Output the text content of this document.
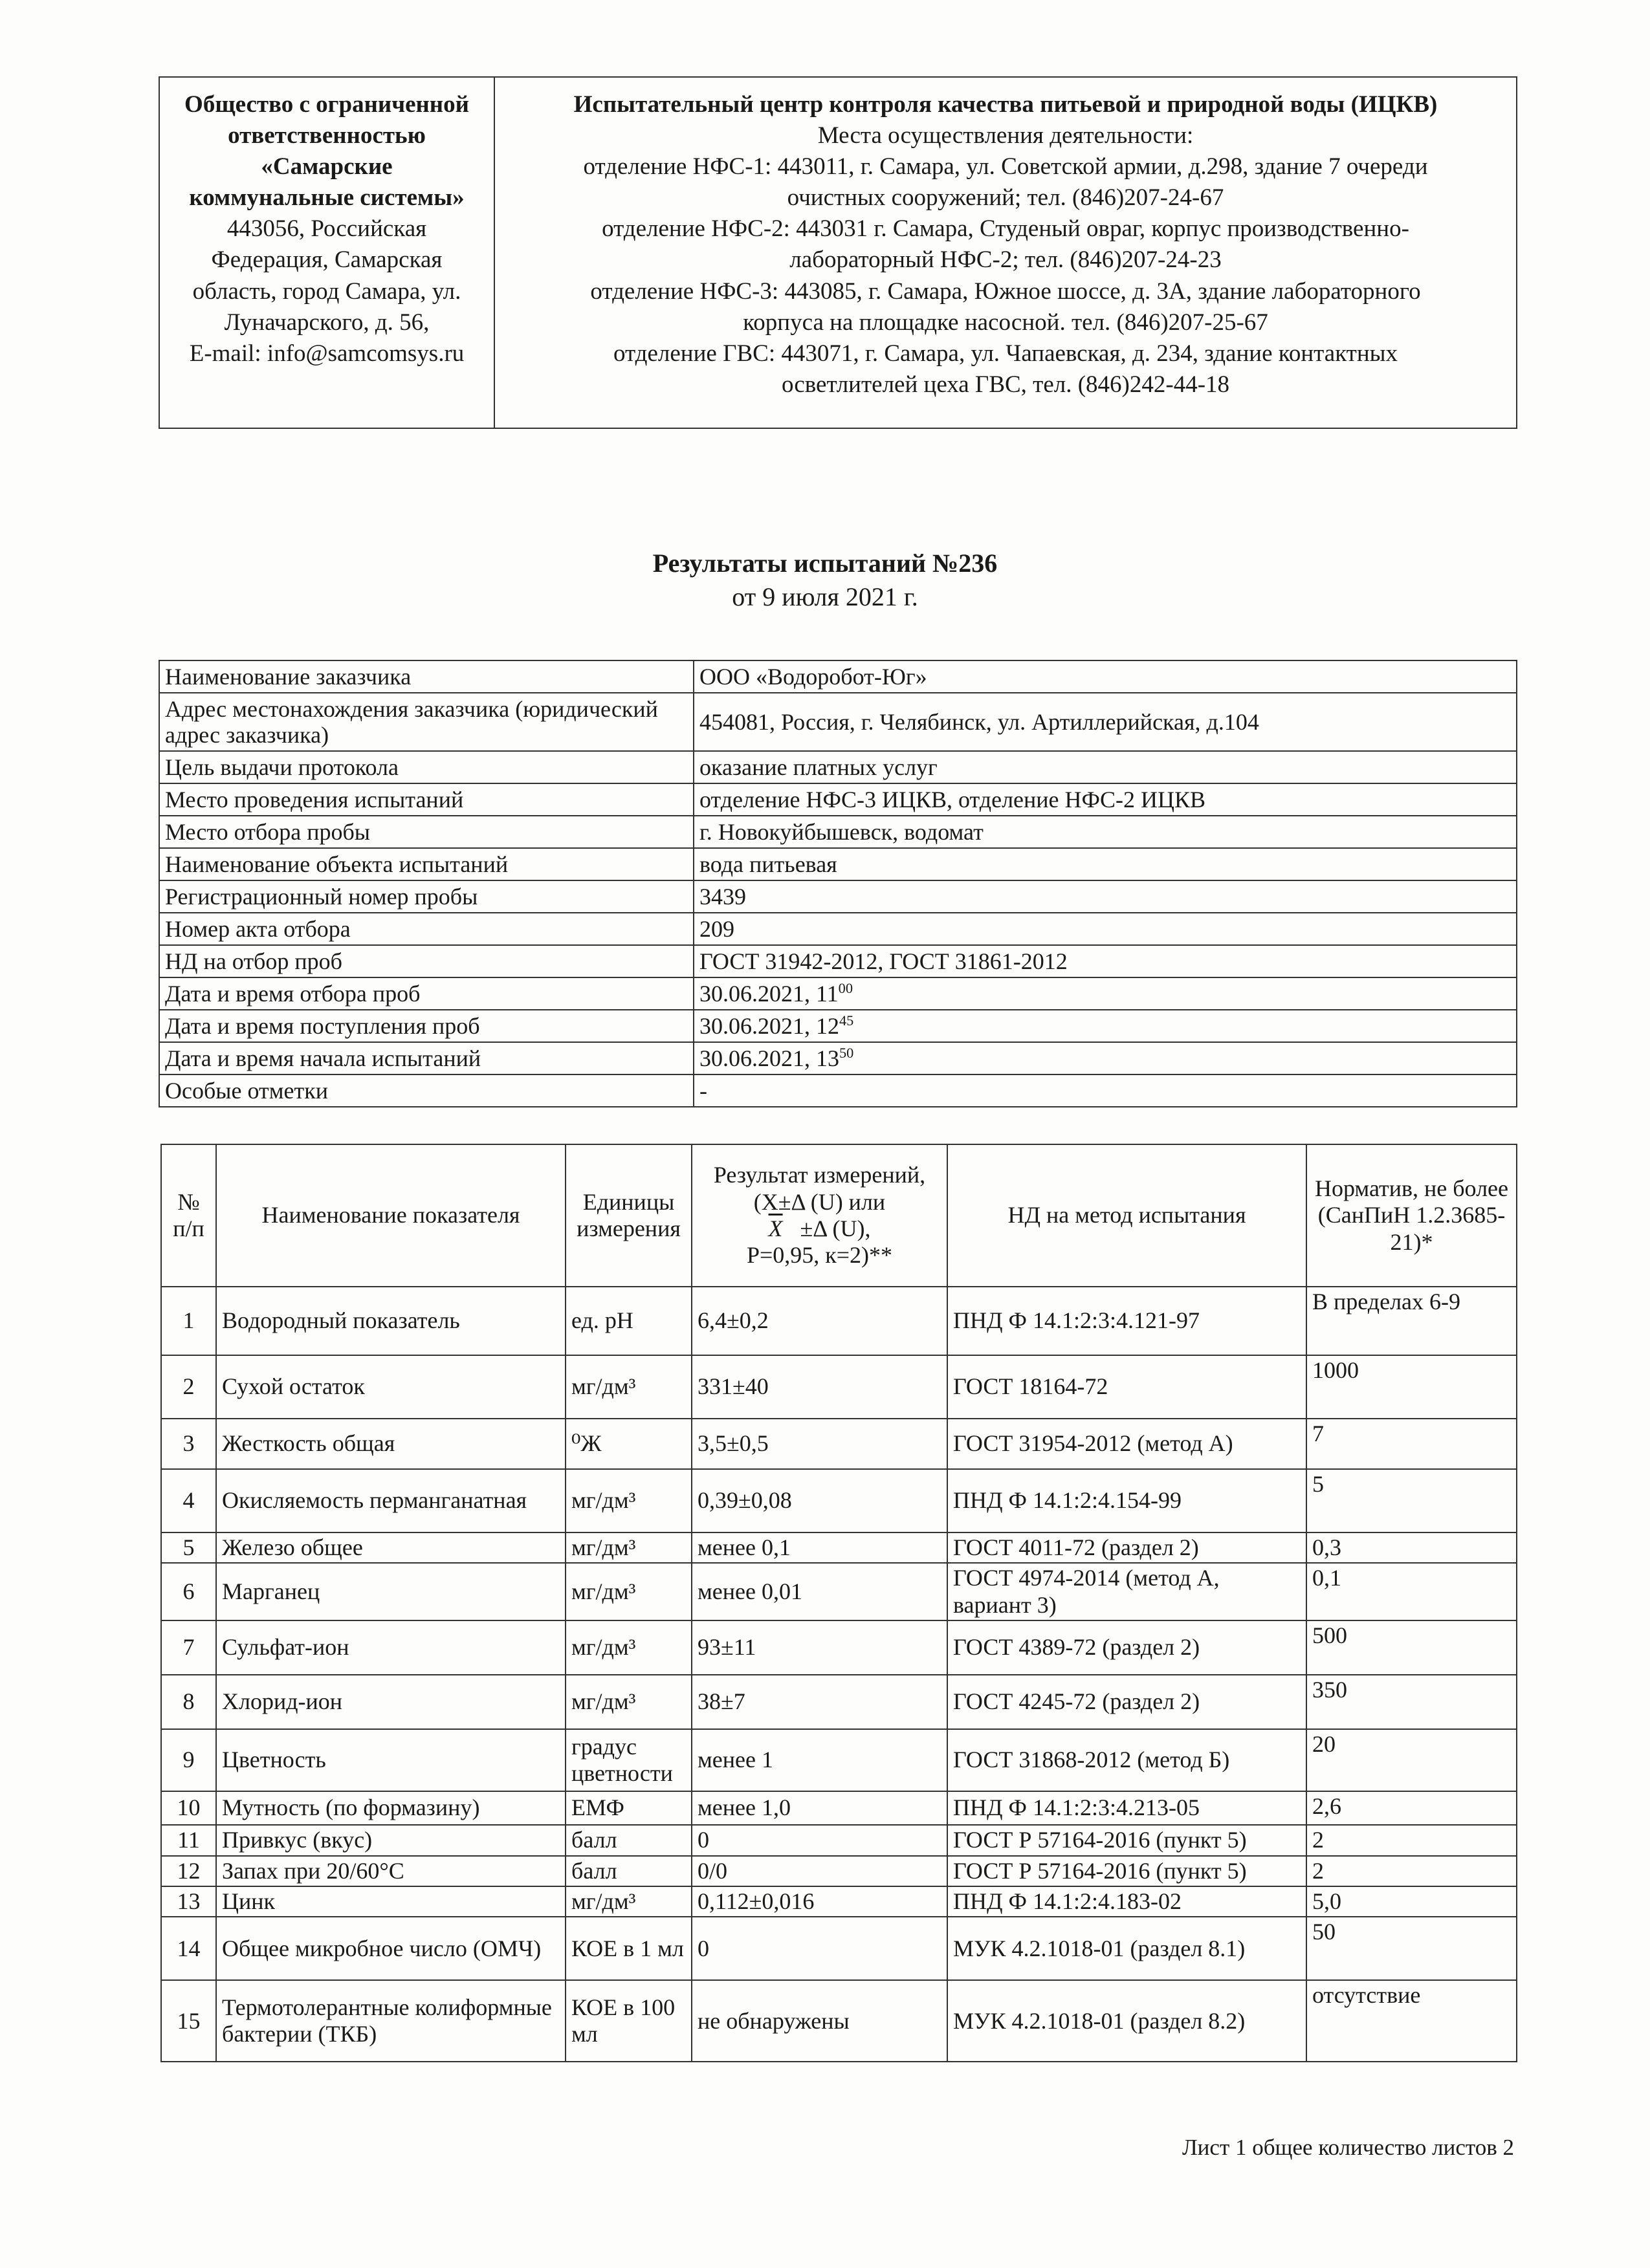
Общество с ограниченной
ответственностью
«Самарские
коммунальные системы»
443056, Российская
Федерация, Самарская
область, город Самара, ул.
Луначарского, д. 56,
E-mail: info@samcomsys.ru

Испытательный центр контроля качества питьевой и природной воды (ИЦКВ)
Места осуществления деятельности:
отделение НФС-1: 443011, г. Самара, ул. Советской армии, д.298, здание 7 очереди
очистных сооружений; тел. (846)207-24-67
отделение НФС-2: 443031 г. Самара, Студеный овраг, корпус производственно-
лабораторный НФС-2; тел. (846)207-24-23
отделение НФС-3: 443085, г. Самара, Южное шоссе, д. 3А, здание лабораторного
корпуса на площадке насосной. тел. (846)207-25-67
отделение ГВС: 443071, г. Самара, ул. Чапаевская, д. 234, здание контактных
осветлителей цеха ГВС, тел. (846)242-44-18
Результаты испытаний №236
от 9 июля 2021 г.
Наименование заказчика	ООО «Водоробот-Юг»
Адрес местонахождения заказчика (юридический адрес заказчика)	454081, Россия, г. Челябинск, ул. Артиллерийская, д.104
Цель выдачи протокола	оказание платных услуг
Место проведения испытаний	отделение НФС-3 ИЦКВ, отделение НФС-2 ИЦКВ
Место отбора пробы	г. Новокуйбышевск, водомат
Наименование объекта испытаний	вода питьевая
Регистрационный номер пробы	3439
Номер акта отбора	209
НД на отбор проб	ГОСТ 31942-2012, ГОСТ 31861-2012
Дата и время отбора проб	30.06.2021, $11^{00}$
Дата и время поступления проб	30.06.2021, $12^{45}$
Дата и время начала испытаний	30.06.2021, $13^{50}$
Особые отметки	-
№ п/п	Наименование показателя	Единицы измерения	Результат измерений,
(X±Δ (U) или
$\overline{X} \pm\Delta$ (U),
Р=0,95, к=2)**	НД на метод испытания	Норматив, не более (СанПиН 1.2.3685-21)*
1	Водородный показатель	ед. рН	6,4±0,2	ПНД Ф 14.1:2:3:4.121-97	В пределах 6-9
2	Сухой остаток	мг/дм³	331±40	ГОСТ 18164-72	1000
3	Жесткость общая	⁰Ж	3,5±0,5	ГОСТ 31954-2012 (метод А)	7
4	Окисляемость перманганатная	мг/дм³	0,39±0,08	ПНД Ф 14.1:2:4.154-99	5
5	Железо общее	мг/дм³	менее 0,1	ГОСТ 4011-72 (раздел 2)	0,3
6	Марганец	мг/дм³	менее 0,01	ГОСТ 4974-2014 (метод А, вариант 3)	0,1
7	Сульфат-ион	мг/дм³	93±11	ГОСТ 4389-72 (раздел 2)	500
8	Хлорид-ион	мг/дм³	38±7	ГОСТ 4245-72 (раздел 2)	350
9	Цветность	градус цветности	менее 1	ГОСТ 31868-2012 (метод Б)	20
10	Мутность (по формазину)	ЕМФ	менее 1,0	ПНД Ф 14.1:2:3:4.213-05	2,6
11	Привкус (вкус)	балл	0	ГОСТ Р 57164-2016 (пункт 5)	2
12	Запах при 20/60°С	балл	0/0	ГОСТ Р 57164-2016 (пункт 5)	2
13	Цинк	мг/дм³	0,112±0,016	ПНД Ф 14.1:2:4.183-02	5,0
14	Общее микробное число (ОМЧ)	КОЕ в 1 мл	0	МУК 4.2.1018-01 (раздел 8.1)	50
15	Термотолерантные колиформные бактерии (ТКБ)	КОЕ в 100 мл	не обнаружены	МУК 4.2.1018-01 (раздел 8.2)	отсутствие
Лист 1 общее количество листов 2
